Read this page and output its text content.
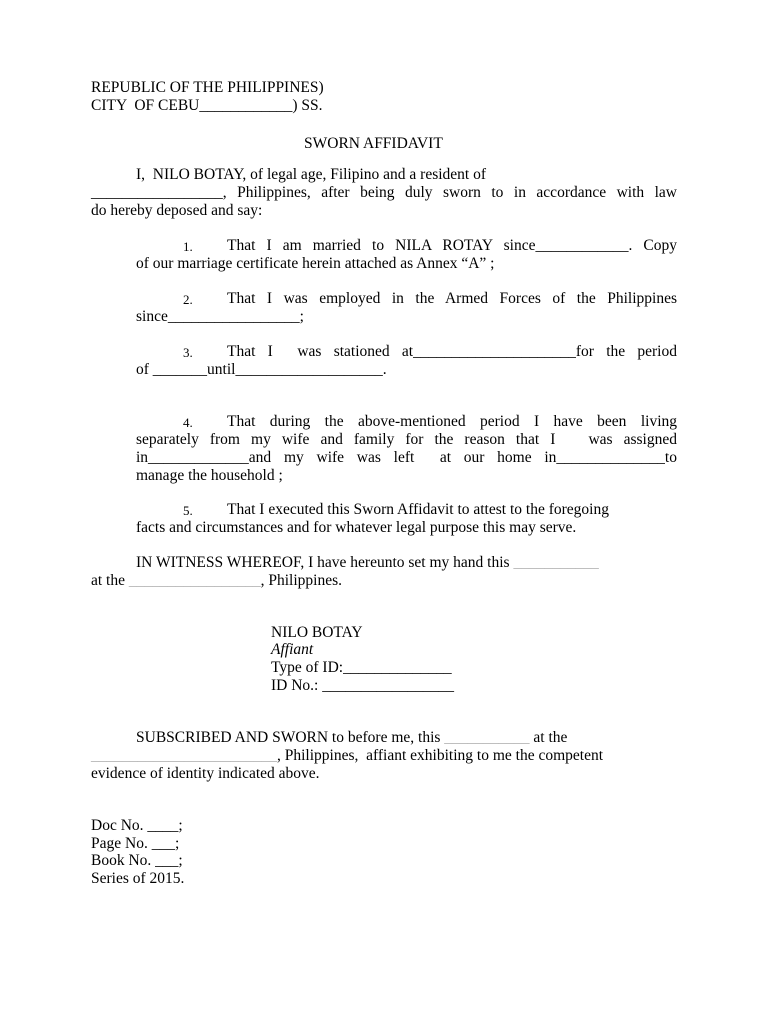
REPUBLIC OF THE PHILIPPINES)
CITY  OF CEBU____________) SS.
SWORN AFFIDAVIT
I,  NILO BOTAY, of legal age, Filipino and a resident of
_________________, Philippines, after being duly sworn to in accordance with law
do hereby deposed and say:
1. That I am married to NILA ROTAY since____________. Copy
of our marriage certificate herein attached as Annex “A” ;
2. That I was employed in the Armed Forces of the Philippines
since_________________;
3. That I  was stationed at_____________________for the period
of _______until___________________.
4. That during the above-mentioned period I have been living
separately from my wife and family for the reason that I   was assigned
in_____________and my wife was left  at our home in______________to
manage the household ;
5. That I executed this Sworn Affidavit to attest to the foregoing
facts and circumstances and for whatever legal purpose this may serve.
IN WITNESS WHEREOF, I have hereunto set my hand this ___________
at the _________________, Philippines.
NILO BOTAY
Affiant
Type of ID:______________
ID No.: _________________
SUBSCRIBED AND SWORN to before me, this ___________ at the
________________________, Philippines,  affiant exhibiting to me the competent
evidence of identity indicated above.
Doc No. ____;
Page No. ___;
Book No. ___;
Series of 2015.
